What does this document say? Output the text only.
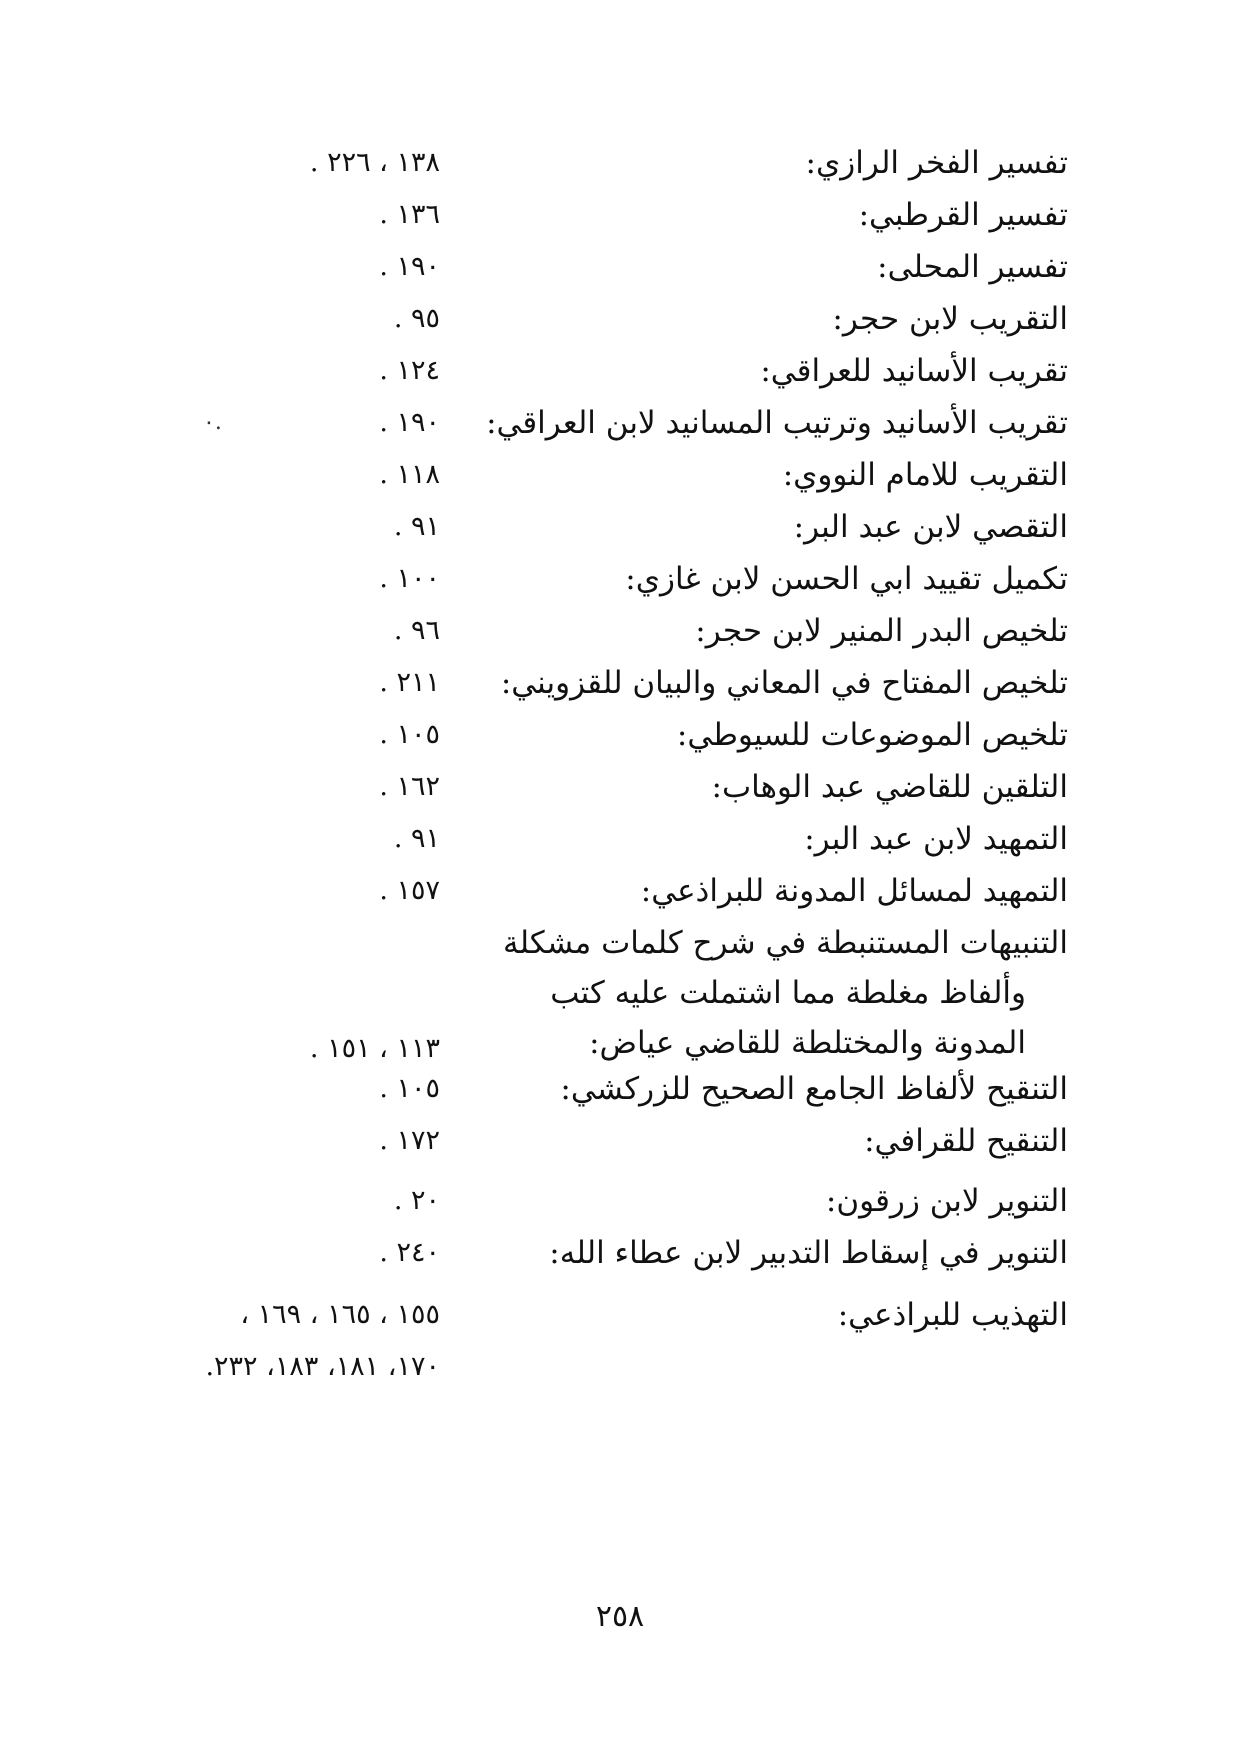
تفسير الفخر الرازي:
١٣٨ ، ٢٢٦ .
تفسير القرطبي:
١٣٦ .
تفسير المحلى:
١٩٠ .
التقريب لابن حجر:
٩٥ .
تقريب الأسانيد للعراقي:
١٢٤ .
تقريب الأسانيد وترتيب المسانيد لابن العراقي:
١٩٠ .
التقريب للامام النووي:
١١٨ .
التقصي لابن عبد البر:
٩١ .
تكميل تقييد ابي الحسن لابن غازي:
١٠٠ .
تلخيص البدر المنير لابن حجر:
٩٦ .
تلخيص المفتاح في المعاني والبيان للقزويني:
٢١١ .
تلخيص الموضوعات للسيوطي:
١٠٥ .
التلقين للقاضي عبد الوهاب:
١٦٢ .
التمهيد لابن عبد البر:
٩١ .
التمهيد لمسائل المدونة للبراذعي:
١٥٧ .
التنبيهات المستنبطة في شرح كلمات مشكلة
وألفاظ مغلطة مما اشتملت عليه كتب
المدونة والمختلطة للقاضي عياض:
١١٣ ، ١٥١ .
التنقيح لألفاظ الجامع الصحيح للزركشي:
١٠٥ .
التنقيح للقرافي:
١٧٢ .
التنوير لابن زرقون:
٢٠ .
التنوير في إسقاط التدبير لابن عطاء الله:
٢٤٠ .
التهذيب للبراذعي:
١٥٥ ، ١٦٥ ، ١٦٩ ،
١٧٠، ١٨١، ١٨٣، ٢٣٢.
٠.
٢٥٨
